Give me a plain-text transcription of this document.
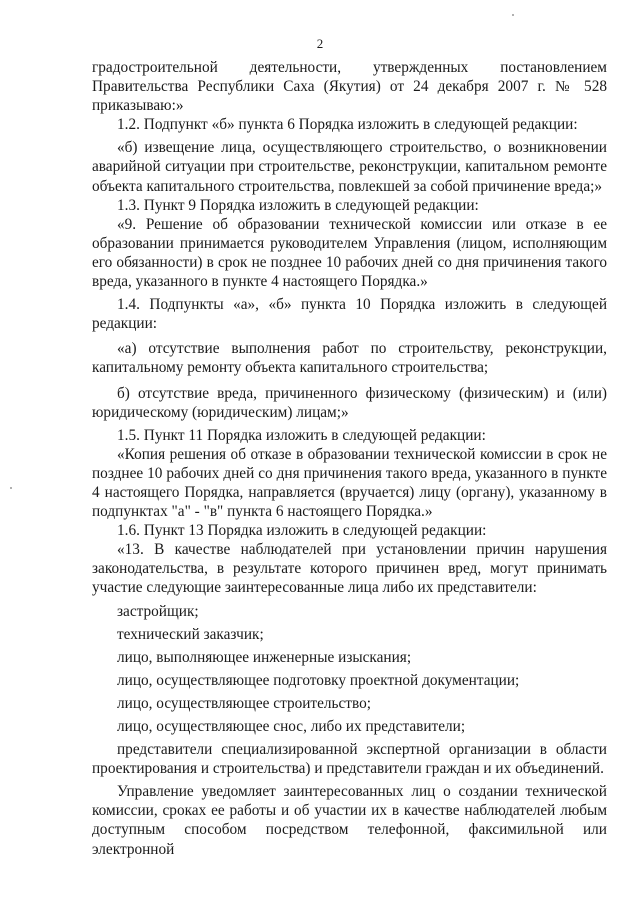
2
градостроительной деятельности, утвержденных постановлением
Правительства Республики Саха (Якутия) от 24 декабря 2007 г. № 528
приказываю:»
1.2. Подпункт «б» пункта 6 Порядка изложить в следующей редакции:
«б) извещение лица, осуществляющего строительство, о возникновении
аварийной ситуации при строительстве, реконструкции, капитальном ремонте
объекта капитального строительства, повлекшей за собой причинение вреда;»
1.3. Пункт 9 Порядка изложить в следующей редакции:
«9. Решение об образовании технической комиссии или отказе в ее
образовании принимается руководителем Управления (лицом, исполняющим
его обязанности) в срок не позднее 10 рабочих дней со дня причинения такого
вреда, указанного в пункте 4 настоящего Порядка.»
1.4. Подпункты «а», «б» пункта 10 Порядка изложить в следующей
редакции:
«а) отсутствие выполнения работ по строительству, реконструкции,
капитальному ремонту объекта капитального строительства;
б) отсутствие вреда, причиненного физическому (физическим) и (или)
юридическому (юридическим) лицам;»
1.5. Пункт 11 Порядка изложить в следующей редакции:
«Копия решения об отказе в образовании технической комиссии в срок не
позднее 10 рабочих дней со дня причинения такого вреда, указанного в пункте
4 настоящего Порядка, направляется (вручается) лицу (органу), указанному в
подпунктах "а" - "в" пункта 6 настоящего Порядка.»
1.6. Пункт 13 Порядка изложить в следующей редакции:
«13. В качестве наблюдателей при установлении причин нарушения
законодательства, в результате которого причинен вред, могут принимать
участие следующие заинтересованные лица либо их представители:
застройщик;
технический заказчик;
лицо, выполняющее инженерные изыскания;
лицо, осуществляющее подготовку проектной документации;
лицо, осуществляющее строительство;
лицо, осуществляющее снос, либо их представители;
представители специализированной экспертной организации в области
проектирования и строительства) и представители граждан и их объединений.
Управление уведомляет заинтересованных лиц о создании технической
комиссии, сроках ее работы и об участии их в качестве наблюдателей любым
доступным способом посредством телефонной, факсимильной или электронной
